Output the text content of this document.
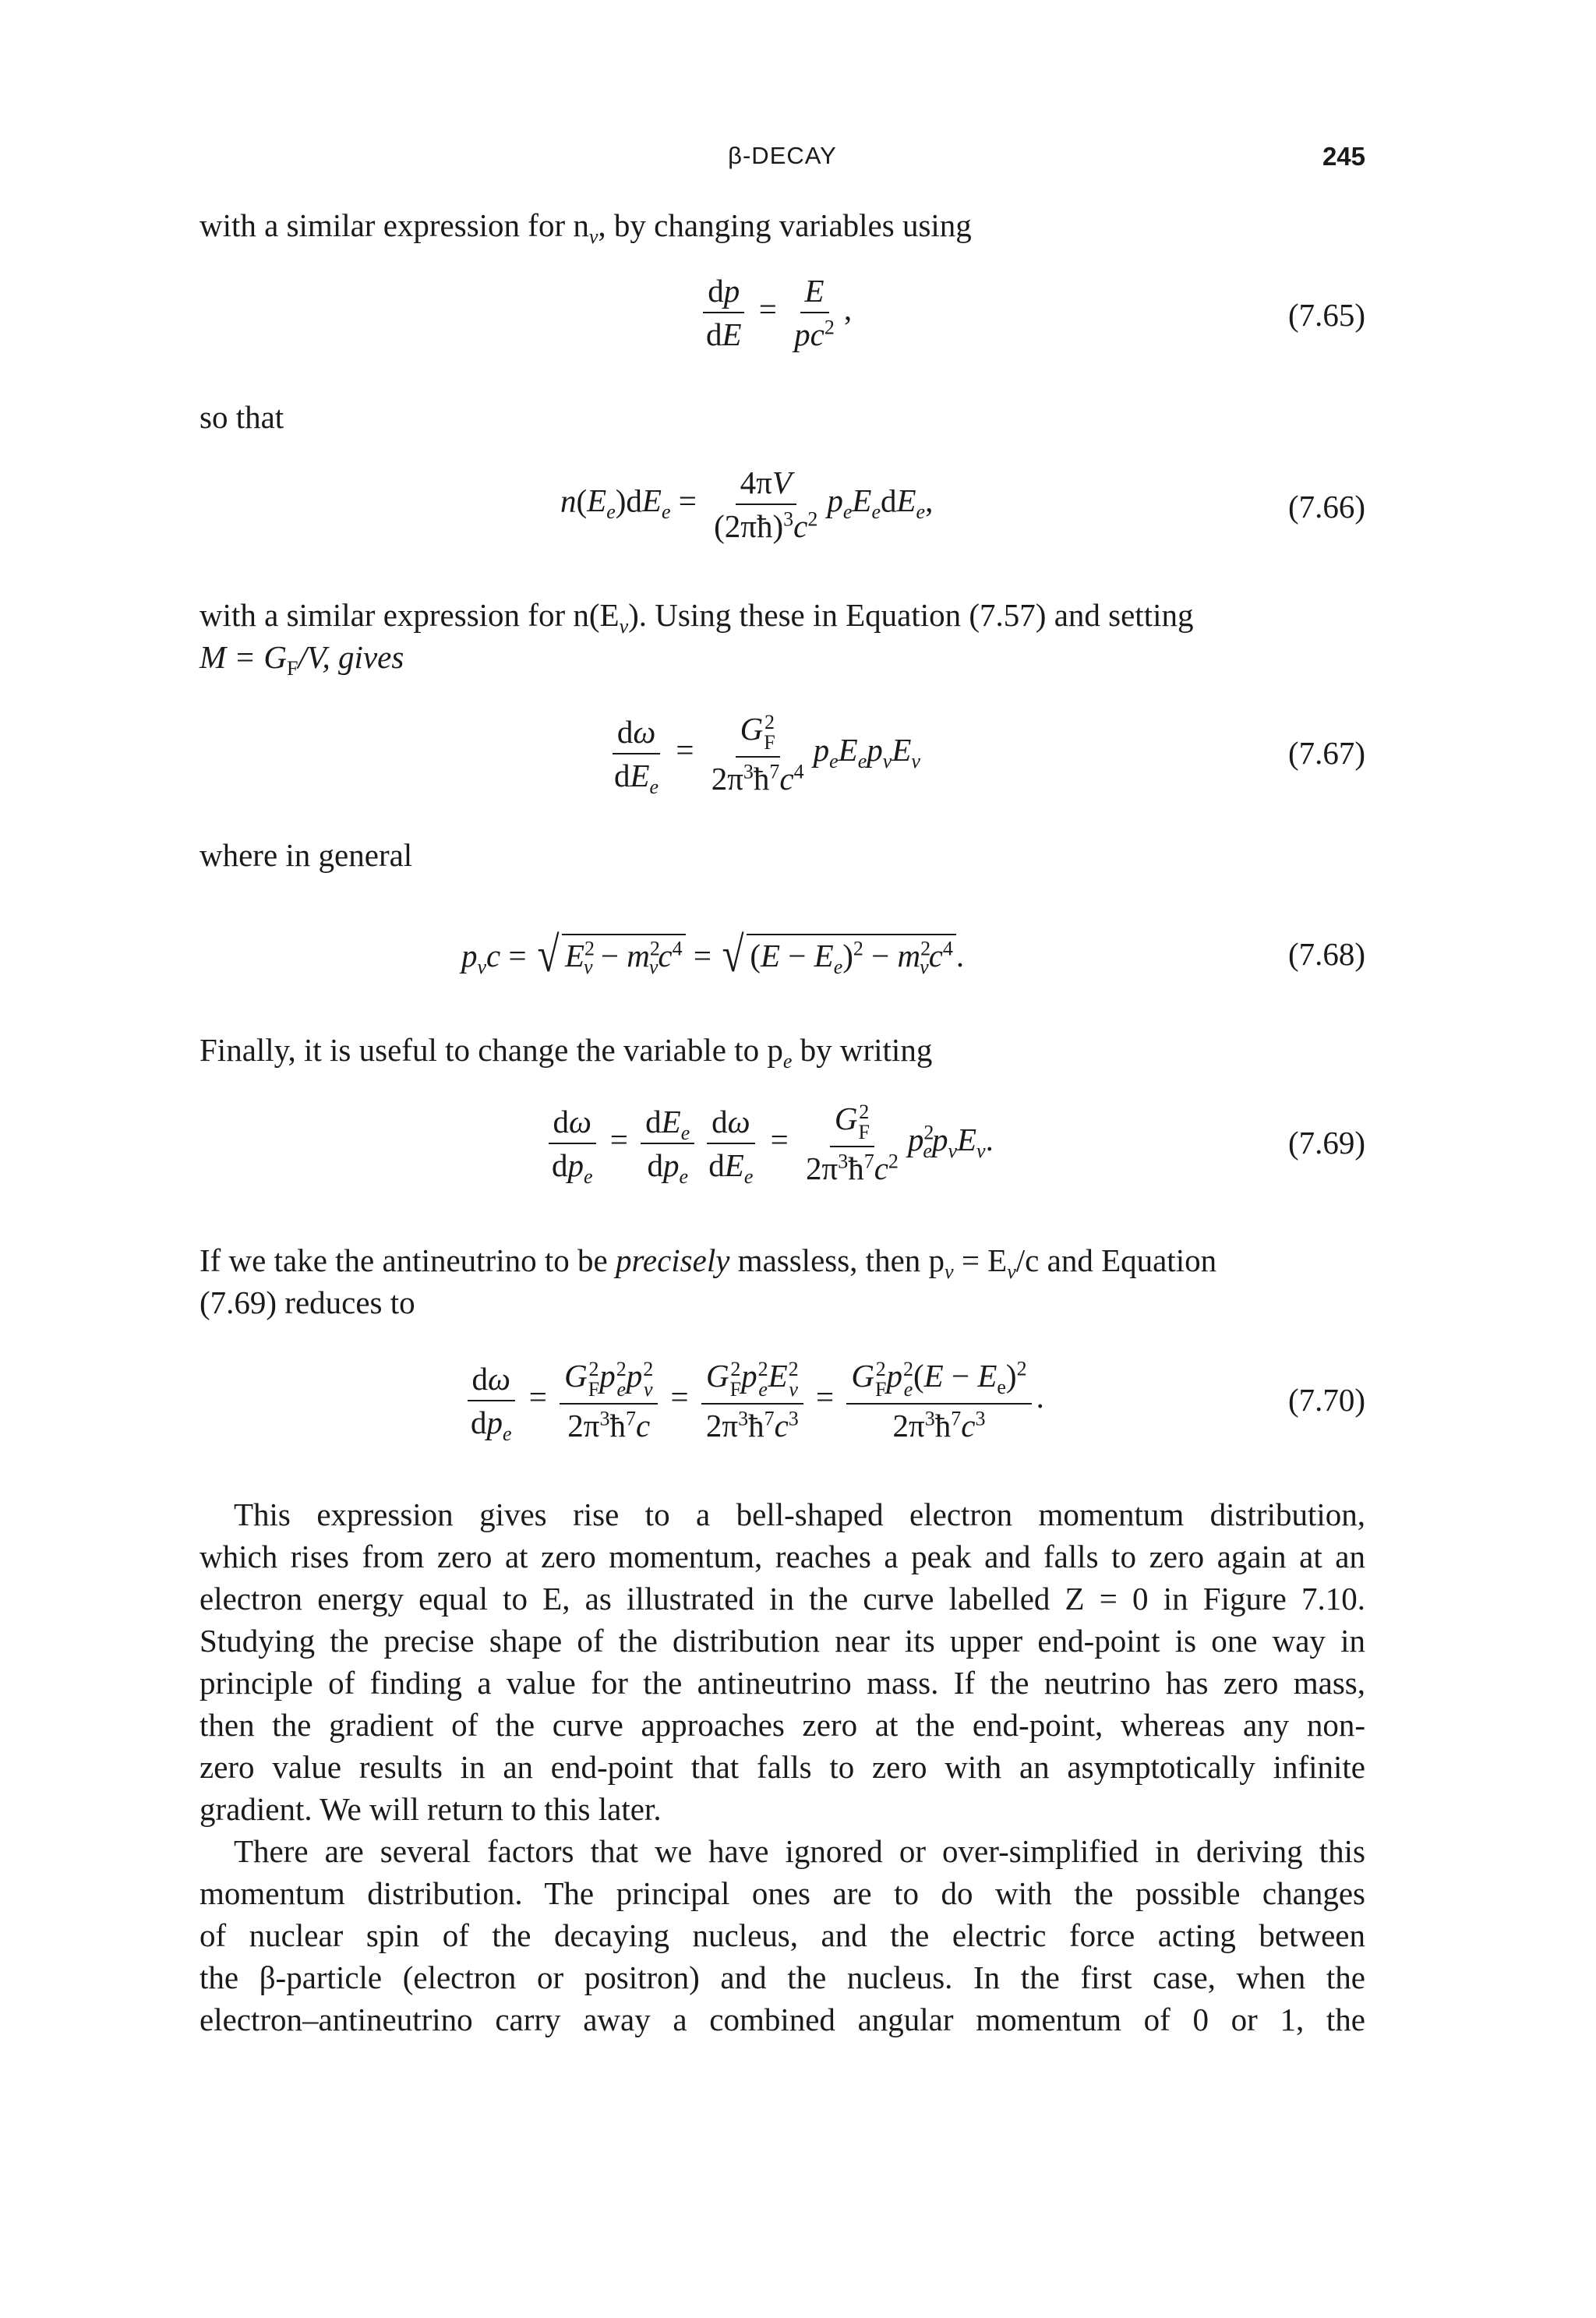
β-DECAY	245
with a similar expression for $n_\nu$, by changing variables using
$\frac{dp}{dE} = \frac{E}{pc^2}$ ,	(7.65)
so that
$n(E_e)dE_e = \frac{4\pi V}{(2\pi ħ)^3c^2} p_eE_edE_e$,	(7.66)
with a similar expression for $n(E_\nu)$. Using these in Equation (7.57) and setting
$M = G_F/V$, gives
$\frac{d\omega}{dE_e} = G$ 2
F
$2\pi^3ħ^7c^4$ $p_eE_ep_\nu E_\nu$	(7.67)
where in general
$p_\nu c$ = √ $E^2_\nu - m^2_\nu c^4$ = √ $(E - E_e)^2 - m^2_\nu c^4$.	(7.68)
Finally, it is useful to change the variable to $p_e$ by writing
$\frac{d\omega}{dp_e} = \frac{dE_e}{dp_e} \frac{d\omega}{dE_e} = G$ 2
F
$2\pi^3ħ^7c^2$ $p^2_ep_\nu E_\nu$.	(7.69)
If we take the antineutrino to be precisely massless, then $p_\nu = E_\nu/c$ and Equation
(7.69) reduces to
$\frac{d\omega}{dp_e} = G$ 2
F p 2
e p 2
ν
$2\pi^3ħ^7c = G$ 2
F p 2
e E 2
ν
$2\pi^3ħ^7c^3 = G$ 2
F p 2
e $(E - E_e)^2$
$2\pi^3ħ^7c^3$ .	(7.70)
This expression gives rise to a bell-shaped electron momentum distribution,
which rises from zero at zero momentum, reaches a peak and falls to zero again at an
electron energy equal to E, as illustrated in the curve labelled Z = 0 in Figure 7.10.
Studying the precise shape of the distribution near its upper end-point is one way in
principle of finding a value for the antineutrino mass. If the neutrino has zero mass,
then the gradient of the curve approaches zero at the end-point, whereas any non-
zero value results in an end-point that falls to zero with an asymptotically infinite
gradient. We will return to this later.
There are several factors that we have ignored or over-simplified in deriving this
momentum distribution. The principal ones are to do with the possible changes
of nuclear spin of the decaying nucleus, and the electric force acting between
the β-particle (electron or positron) and the nucleus. In the first case, when the
electron–antineutrino carry away a combined angular momentum of 0 or 1, the
